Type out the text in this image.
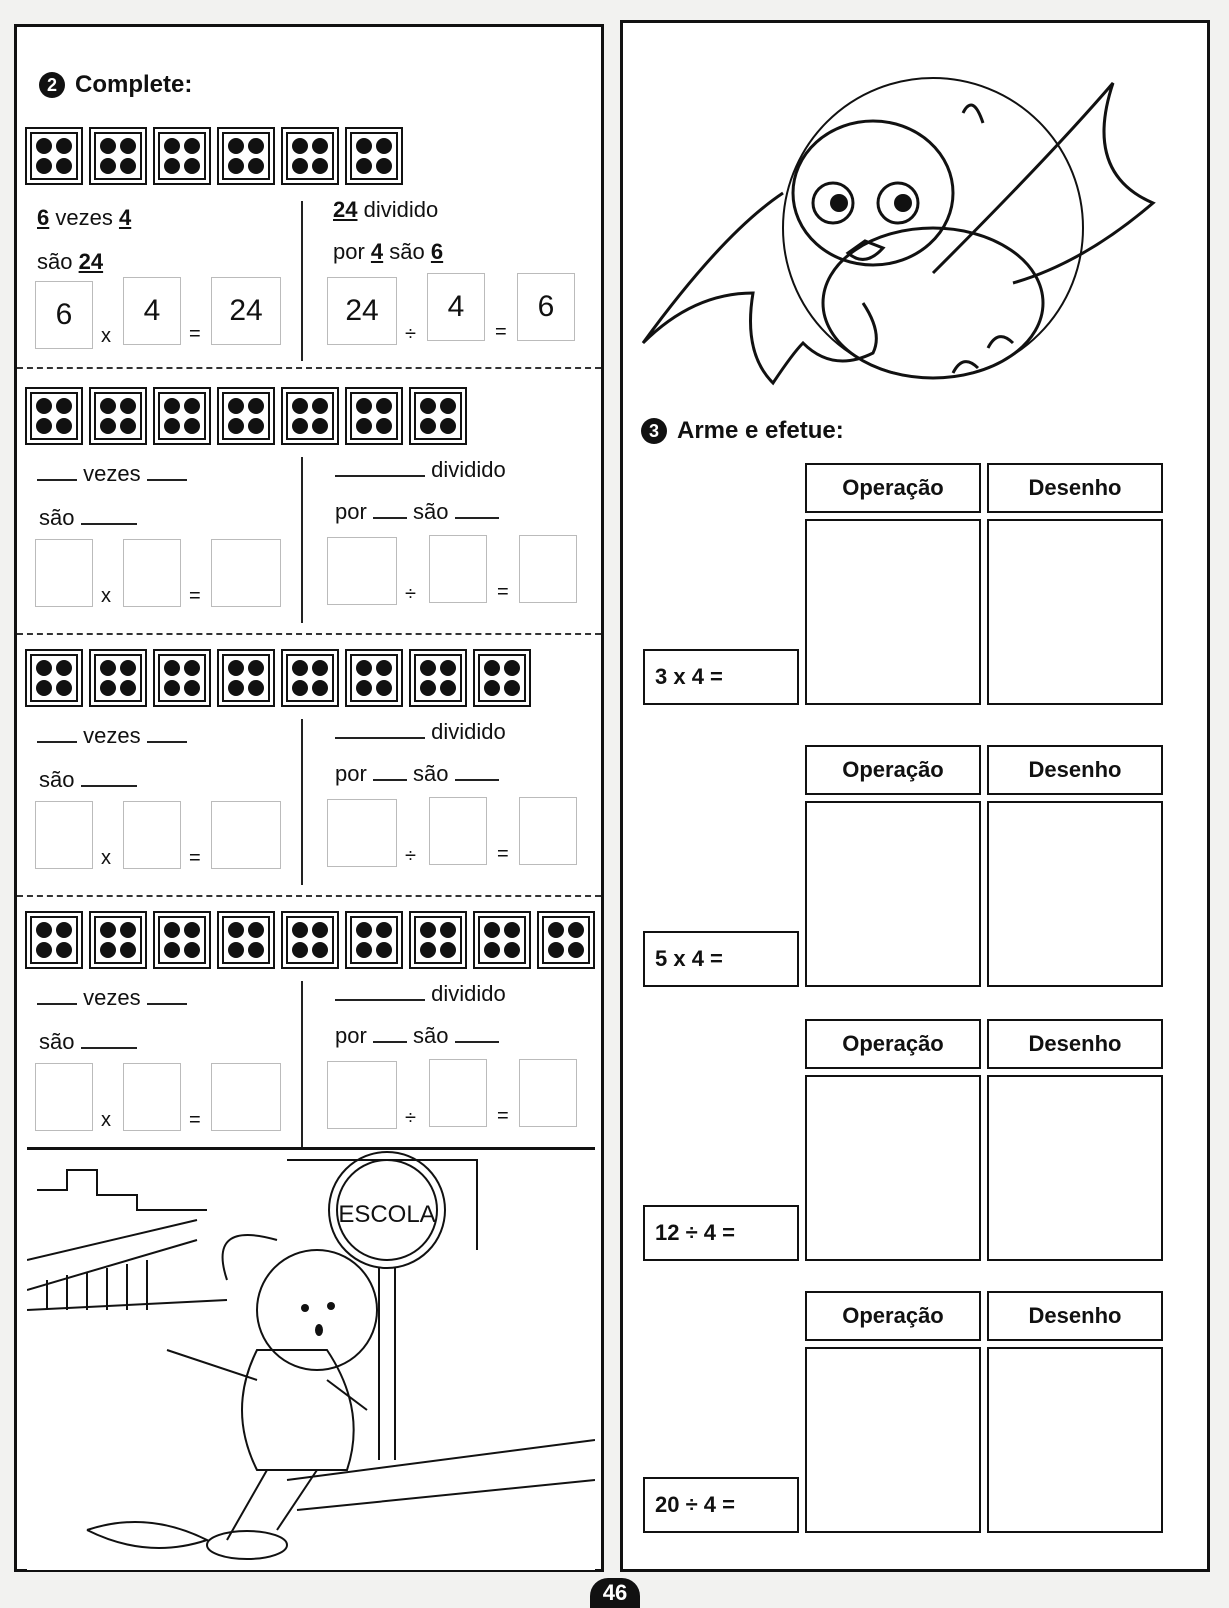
2 Complete:
6 vezes 4
são 24
6
x
4
=
24
24 dividido
por 4 são 6
24
÷
4
=
6
vezes
são
x	=
dividido
por são
÷	=
vezes
são
x	=
dividido
por são
÷	=
vezes
são
x	=
dividido
por são
÷	=
ESCOLA
3 Arme e efetue:
Operação	Desenho
3 x 4 =
Operação	Desenho
5 x 4 =
Operação	Desenho
12 ÷ 4 =
Operação	Desenho
20 ÷ 4 =
46
